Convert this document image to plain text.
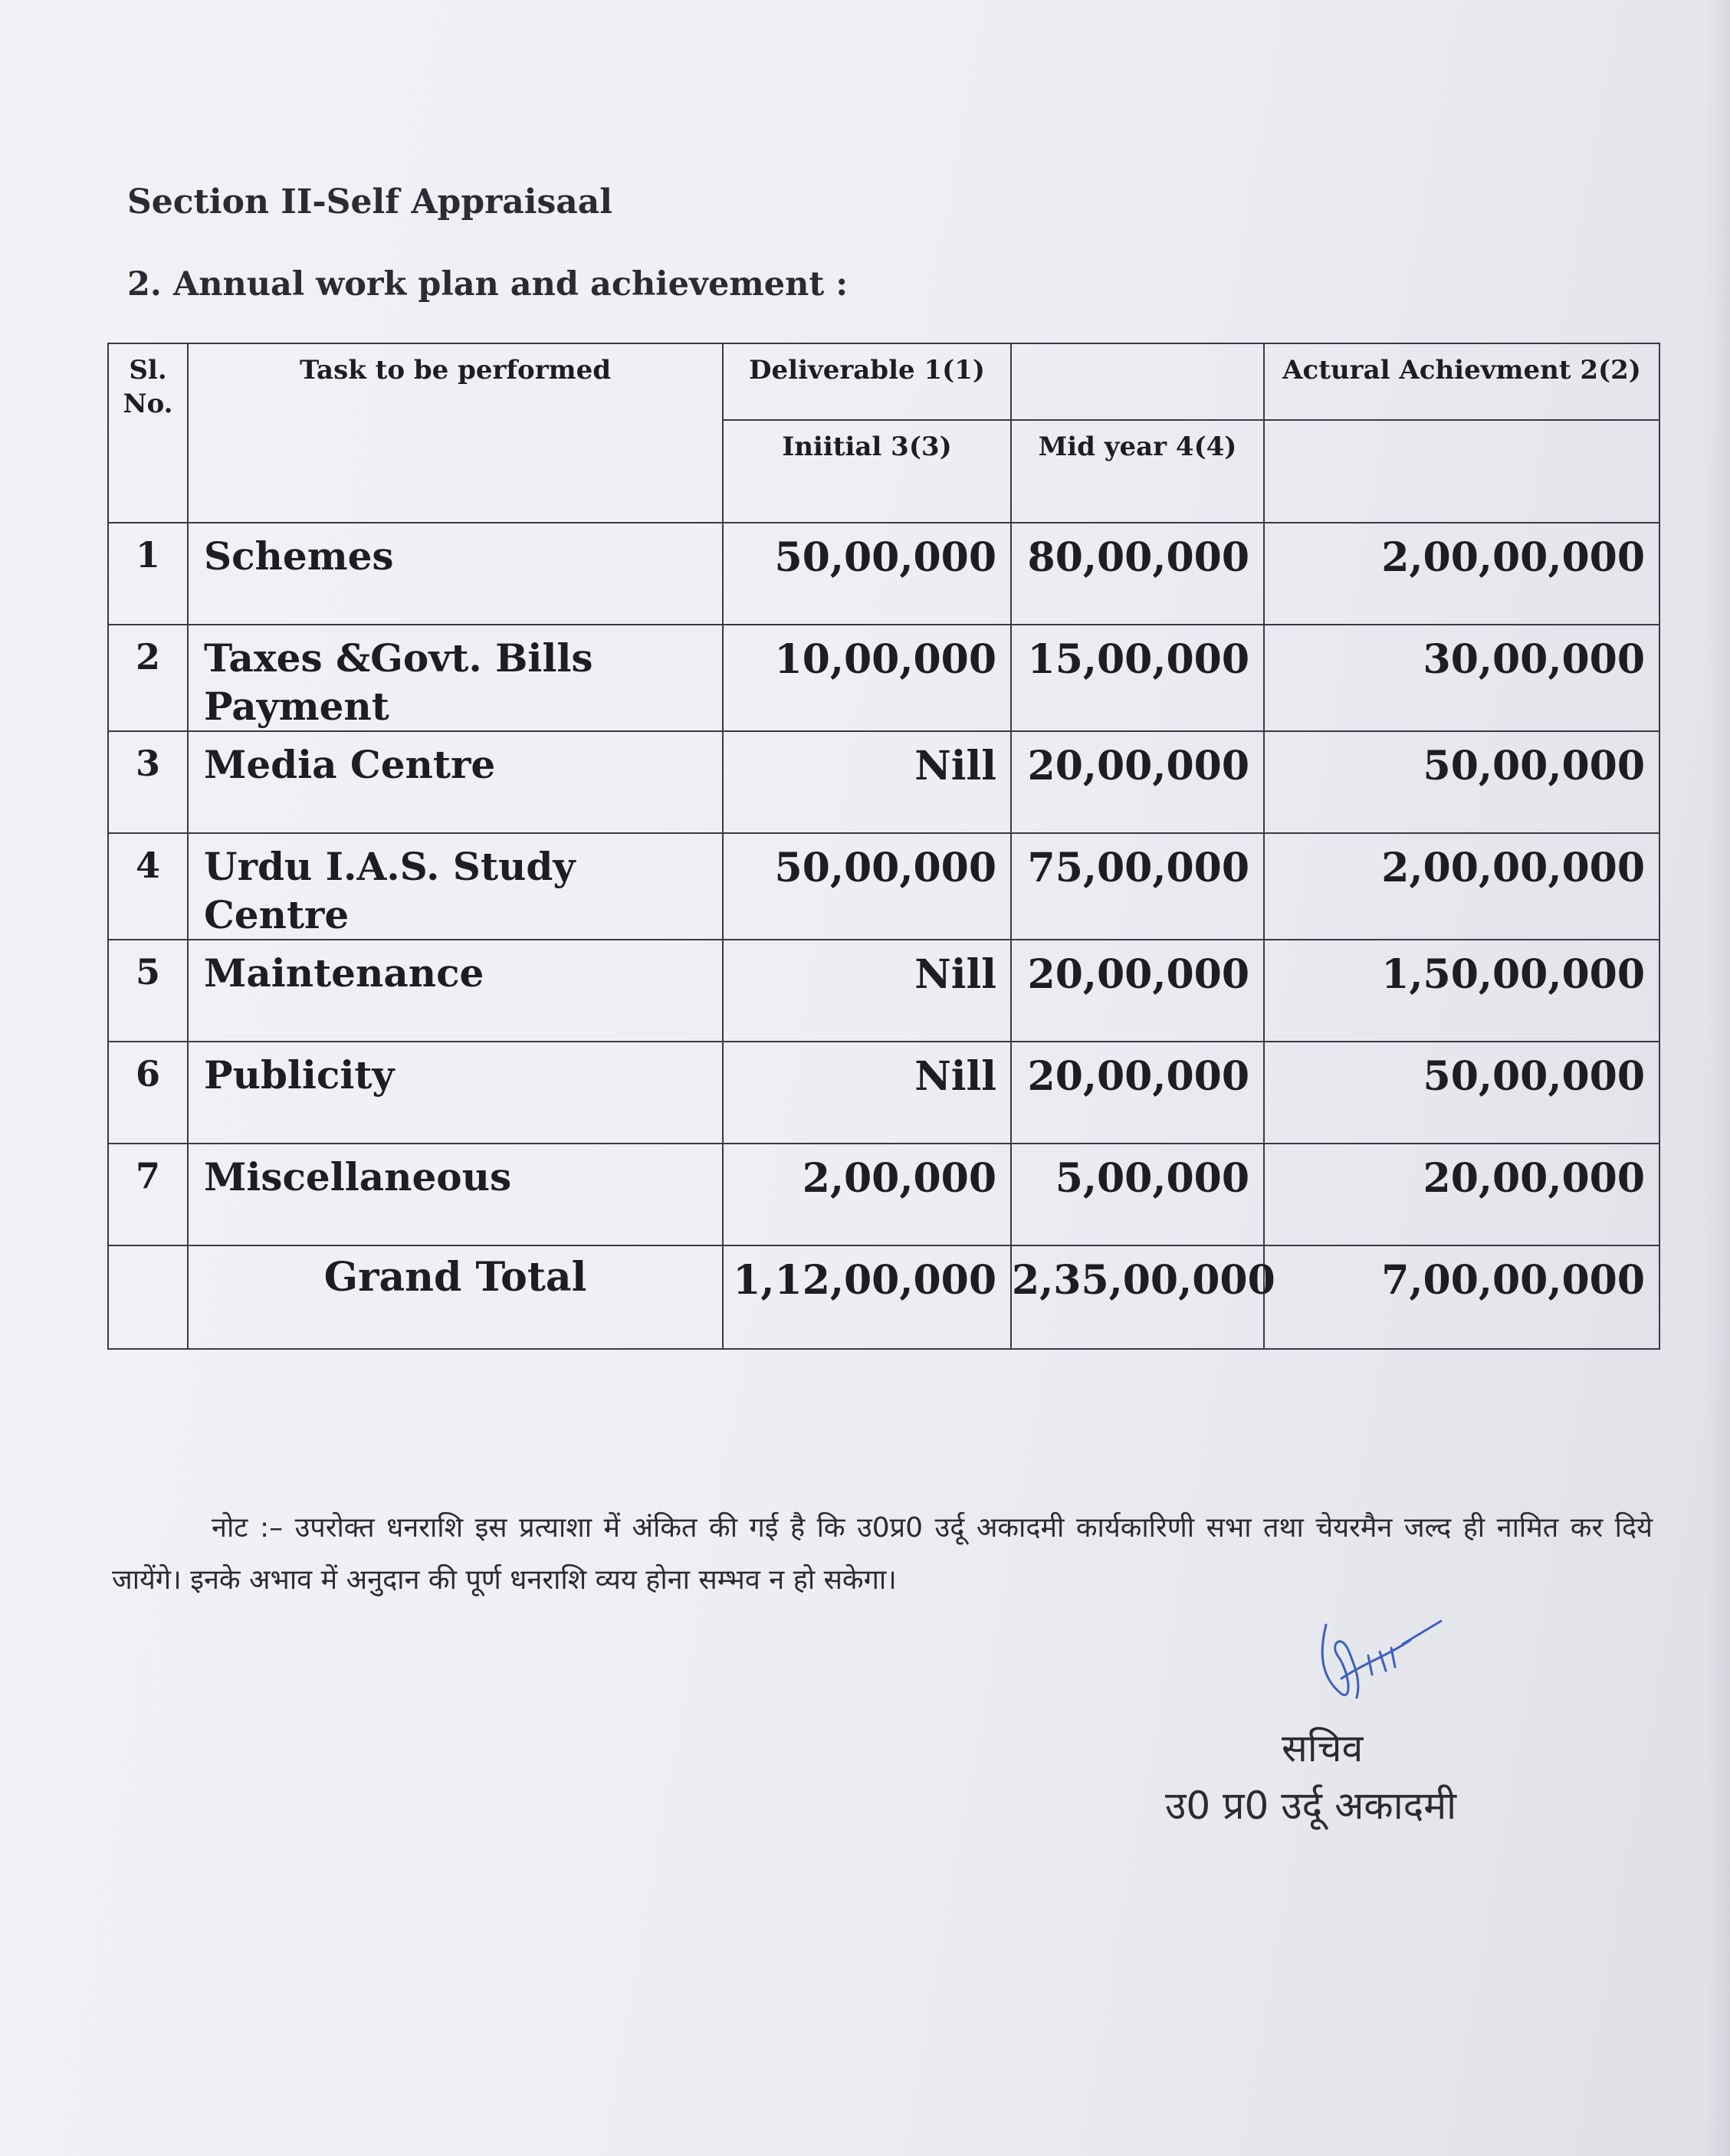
Section II-Self Appraisaal
2. Annual work plan and achievement :
Sl. No.	Task to be performed	Deliverable 1(1)		Actural Achievment 2(2)
		Iniitial 3(3)	Mid year 4(4)	
1	Schemes	50,00,000	80,00,000	2,00,00,000
2	Taxes &Govt. Bills Payment	10,00,000	15,00,000	30,00,000
3	Media Centre	Nill	20,00,000	50,00,000
4	Urdu I.A.S. Study Centre	50,00,000	75,00,000	2,00,00,000
5	Maintenance	Nill	20,00,000	1,50,00,000
6	Publicity	Nill	20,00,000	50,00,000
7	Miscellaneous	2,00,000	5,00,000	20,00,000
	Grand Total	1,12,00,000	2,35,00,000	7,00,00,000
नोट :– उपरोक्त धनराशि इस प्रत्याशा में अंकित की गई है कि उ0प्र0 उर्दू अकादमी कार्यकारिणी सभा तथा चेयरमैन जल्द ही नामित कर दिये जायेंगे। इनके अभाव में अनुदान की पूर्ण धनराशि व्यय होना सम्भव न हो सकेगा।
सचिव
उ0 प्र0 उर्दू अकादमी
